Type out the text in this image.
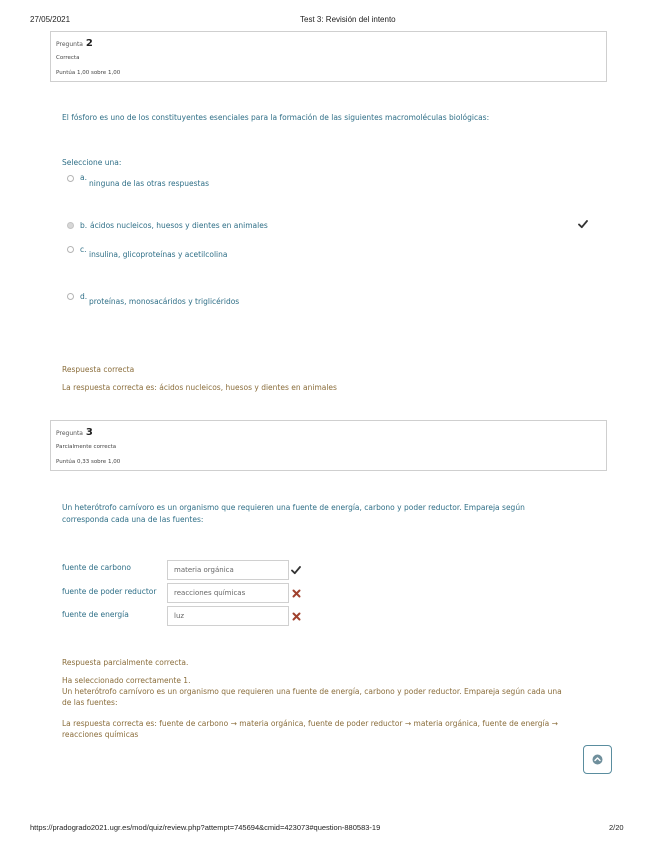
27/05/2021	Test 3: Revisión del intento
Pregunta 2
Correcta
Puntúa 1,00 sobre 1,00
El fósforo es uno de los constituyentes esenciales para la formación de las siguientes macromoléculas biológicas:
Seleccione una:
a.
ninguna de las otras respuestas
b. ácidos nucleicos, huesos y dientes en animales
c.
insulina, glicoproteínas y acetilcolina
d.
proteínas, monosacáridos y triglicéridos
Respuesta correcta
La respuesta correcta es: ácidos nucleicos, huesos y dientes en animales
Pregunta 3
Parcialmente correcta
Puntúa 0,33 sobre 1,00
Un heterótrofo carnívoro es un organismo que requieren una fuente de energía, carbono y poder reductor. Empareja según
corresponda cada una de las fuentes:
fuente de carbono	materia orgánica
fuente de poder reductor	reacciones químicas
fuente de energía	luz
Respuesta parcialmente correcta.
Ha seleccionado correctamente 1.
Un heterótrofo carnívoro es un organismo que requieren una fuente de energía, carbono y poder reductor. Empareja según cada una
de las fuentes:
La respuesta correcta es: fuente de carbono → materia orgánica, fuente de poder reductor → materia orgánica, fuente de energía →
reacciones químicas
https://pradogrado2021.ugr.es/mod/quiz/review.php?attempt=745694&cmid=423073#question-880583-19	2/20
